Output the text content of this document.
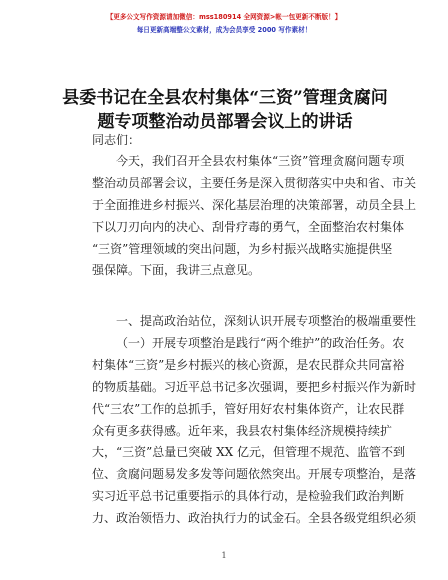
【更多公文写作资源请加微信：mss180914 全网资源>帐一包更新不断版！】
每日更新高端整公文素材，成为会员享受 2000 写作素材！
县委书记在全县农村集体“三资”管理贪腐问
题专项整治动员部署会议上的讲话
同志们：
今天，我们召开全县农村集体“三资”管理贪腐问题专项
整治动员部署会议，主要任务是深入贯彻落实中央和省、市关
于全面推进乡村振兴、深化基层治理的决策部署，动员全县上
下以刀刃向内的决心、刮骨疗毒的勇气，全面整治农村集体
“三资”管理领域的突出问题，为乡村振兴战略实施提供坚
强保障。下面，我讲三点意见。
一、提高政治站位，深刻认识开展专项整治的极端重要性
（一）开展专项整治是践行“两个维护”的政治任务。农
村集体“三资”是乡村振兴的核心资源，是农民群众共同富裕
的物质基础。习近平总书记多次强调，要把乡村振兴作为新时
代“三农”工作的总抓手，管好用好农村集体资产，让农民群
众有更多获得感。近年来，我县农村集体经济规模持续扩
大，“三资”总量已突破 XX 亿元，但管理不规范、监管不到
位、贪腐问题易发多发等问题依然突出。开展专项整治，是落
实习近平总书记重要指示的具体行动，是检验我们政治判断
力、政治领悟力、政治执行力的试金石。全县各级党组织必须
1
